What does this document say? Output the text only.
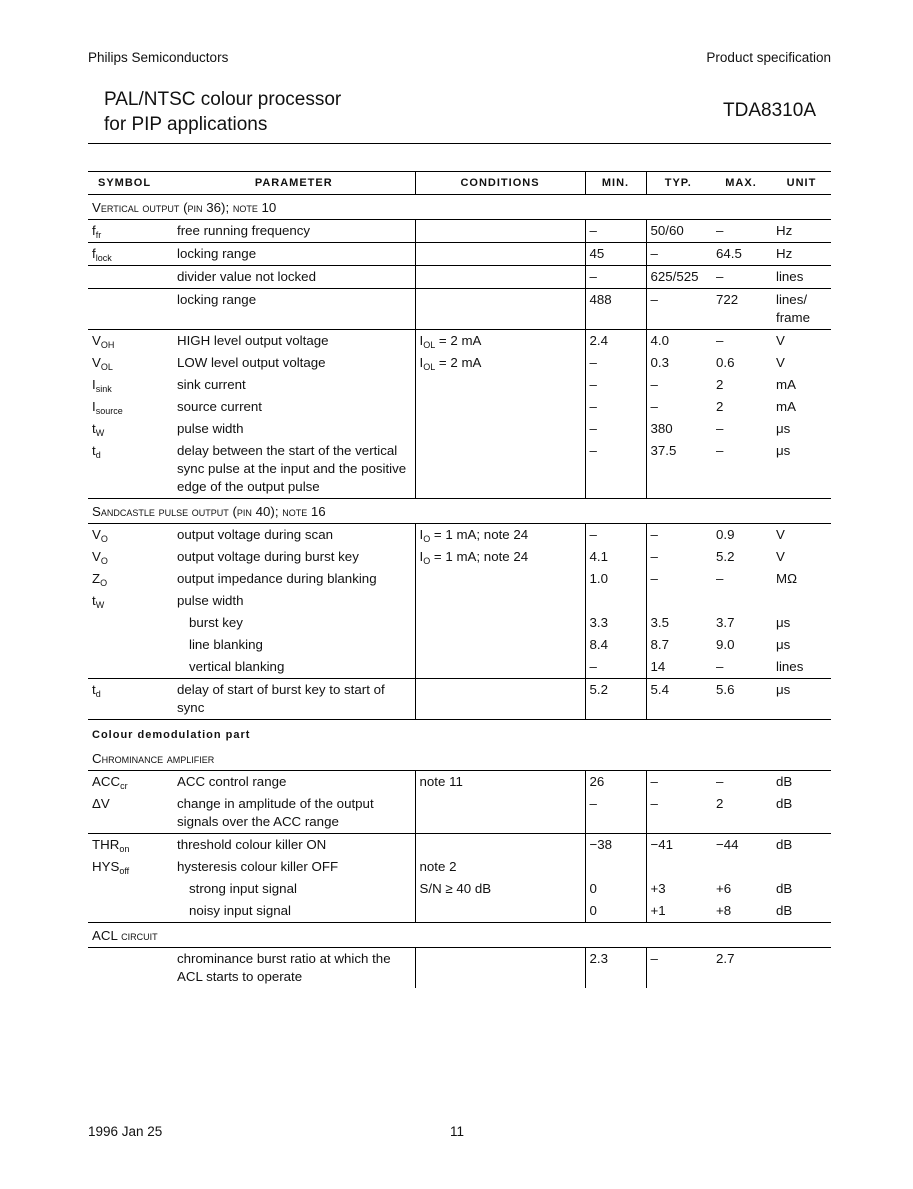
Philips Semiconductors	Product specification
PAL/NTSC colour processor
for PIP applications
TDA8310A
SYMBOL	PARAMETER	CONDITIONS	MIN.	TYP.	MAX.	UNIT
Vertical output (pin 36); note 10						
$f_{fr}$	free running frequency		–	50/60	–	Hz
$f_{lock}$	locking range		45	–	64.5	Hz
	divider value not locked		–	625/525	–	lines
	locking range		488	–	722	lines/ frame
$V_{OH}$	HIGH level output voltage	$I_{OL} = 2$ mA	2.4	4.0	–	V
$V_{OL}$	LOW level output voltage	$I_{OL} = 2$ mA	–	0.3	0.6	V
$I_{sink}$	sink current		–	–	2	mA
$I_{source}$	source current		–	–	2	mA
$t_W$	pulse width		–	380	–	μs
$t_d$	delay between the start of the vertical sync pulse at the input and the positive edge of the output pulse		–	37.5	–	μs
Sandcastle pulse output (pin 40); note 16						
$V_O$	output voltage during scan	$I_O = 1$ mA; note 24	–	–	0.9	V
$V_O$	output voltage during burst key	$I_O = 1$ mA; note 24	4.1	–	5.2	V
$Z_O$	output impedance during blanking		1.0	–	–	MΩ
$t_W$	pulse width					
	burst key		3.3	3.5	3.7	μs
	line blanking		8.4	8.7	9.0	μs
	vertical blanking		–	14	–	lines
$t_d$	delay of start of burst key to start of sync		5.2	5.4	5.6	μs
Colour demodulation part						
Chrominance amplifier						
$ACC_{cr}$	ACC control range	note 11	26	–	–	dB
ΔV	change in amplitude of the output signals over the ACC range		–	–	2	dB
$THR_{on}$	threshold colour killer ON		−38	−41	−44	dB
$HYS_{off}$	hysteresis colour killer OFF	note 2				
	strong input signal	S/N ≥ 40 dB	0	+3	+6	dB
	noisy input signal		0	+1	+8	dB
ACL circuit						
	chrominance burst ratio at which the ACL starts to operate		2.3	–	2.7	
1996 Jan 25	11
